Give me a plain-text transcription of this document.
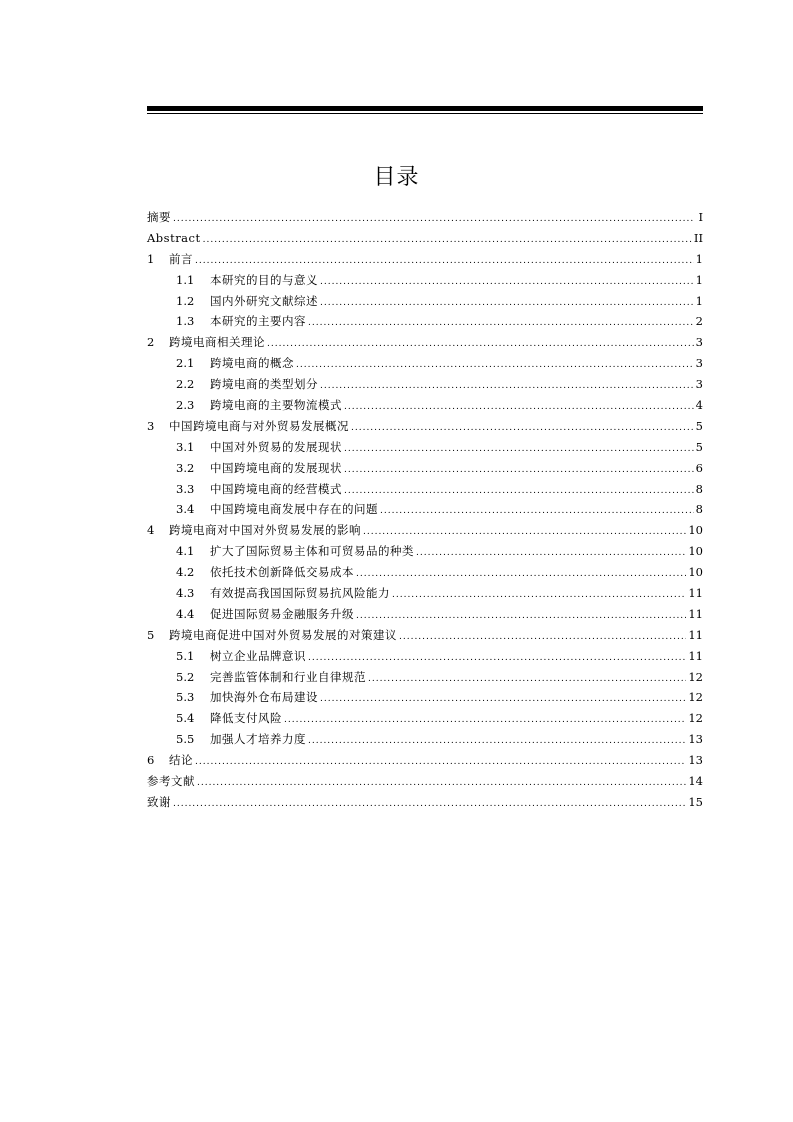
目录
摘要 .....	I
Abstract .....	II
1	前言 .....	1
1.1	本研究的目的与意义 .....	1
1.2	国内外研究文献综述 .....	1
1.3	本研究的主要内容 .....	2
2	跨境电商相关理论 .....	3
2.1	跨境电商的概念 .....	3
2.2	跨境电商的类型划分 .....	3
2.3	跨境电商的主要物流模式 .....	4
3	中国跨境电商与对外贸易发展概况 .....	5
3.1	中国对外贸易的发展现状 .....	5
3.2	中国跨境电商的发展现状 .....	6
3.3	中国跨境电商的经营模式 .....	8
3.4	中国跨境电商发展中存在的问题 .....	8
4	跨境电商对中国对外贸易发展的影响 .....	10
4.1	扩大了国际贸易主体和可贸易品的种类 .....	10
4.2	依托技术创新降低交易成本 .....	10
4.3	有效提高我国国际贸易抗风险能力 .....	11
4.4	促进国际贸易金融服务升级 .....	11
5	跨境电商促进中国对外贸易发展的对策建议 .....	11
5.1	树立企业品牌意识 .....	11
5.2	完善监管体制和行业自律规范 .....	12
5.3	加快海外仓布局建设 .....	12
5.4	降低支付风险 .....	12
5.5	加强人才培养力度 .....	13
6	结论 .....	13
参考文献 .....	14
致谢 .....	15
